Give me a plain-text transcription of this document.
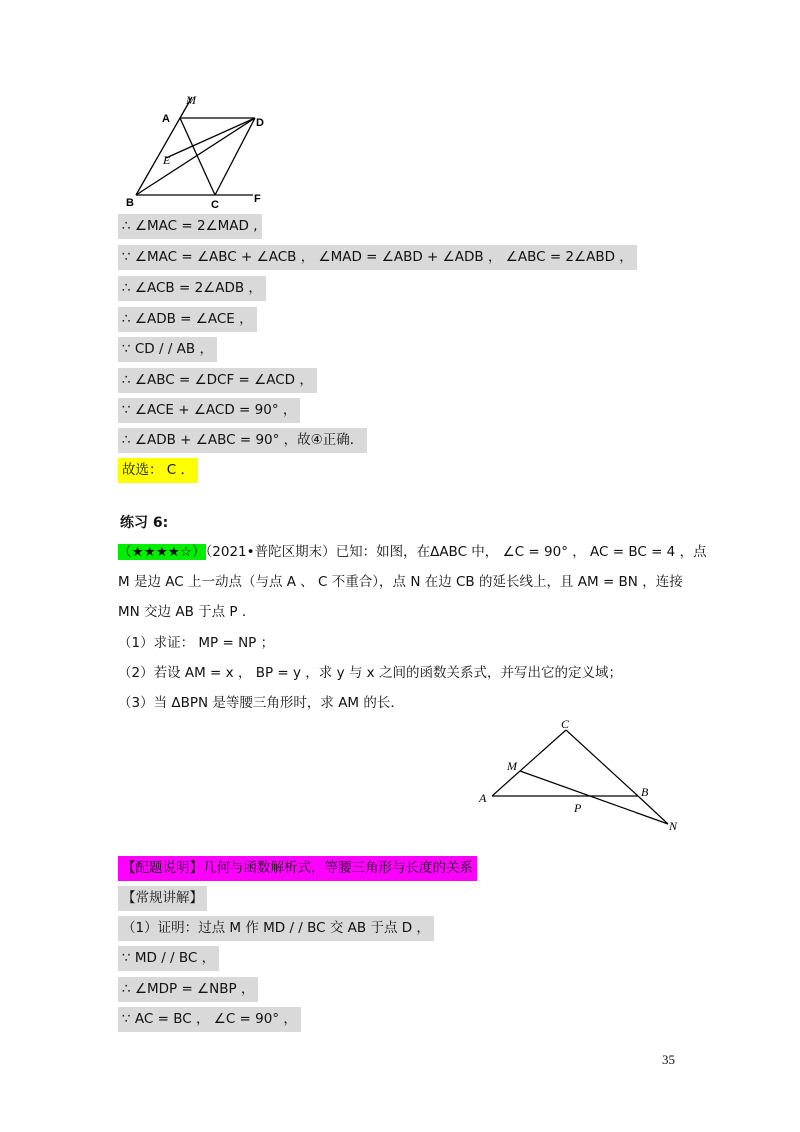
M
A	D
E
B	C	F
∴ ∠MAC = 2∠MAD ,
∵ ∠MAC = ∠ABC + ∠ACB ， ∠MAD = ∠ABD + ∠ADB ， ∠ABC = 2∠ABD ，
∴ ∠ACB = 2∠ADB ，
∴ ∠ADB = ∠ACE ，
∵ CD / / AB ，
∴ ∠ABC = ∠DCF = ∠ACD ，
∵ ∠ACE + ∠ACD = 90° ，
∴ ∠ADB + ∠ABC = 90° ，故④正确．
故选： C ．
练习 6:
（★★★★☆）（2021•普陀区期末）已知：如图，在ΔABC 中， ∠C = 90° ， AC = BC = 4 ，点
M 是边 AC 上一动点（与点 A 、 C 不重合），点 N 在边 CB 的延长线上，且 AM = BN ，连接
MN 交边 AB 于点 P ．
（1）求证： MP = NP ；
（2）若设 AM = x ， BP = y ，求 y 与 x 之间的函数关系式，并写出它的定义域；
（3）当 ΔBPN 是等腰三角形时，求 AM 的长．
C
M
A	B
P
N
【配题说明】几何与函数解析式，等腰三角形与长度的关系
【常规讲解】
（1）证明：过点 M 作 MD / / BC 交 AB 于点 D ，
∵ MD / / BC ，
∴ ∠MDP = ∠NBP ，
∵ AC = BC ， ∠C = 90° ，
35
